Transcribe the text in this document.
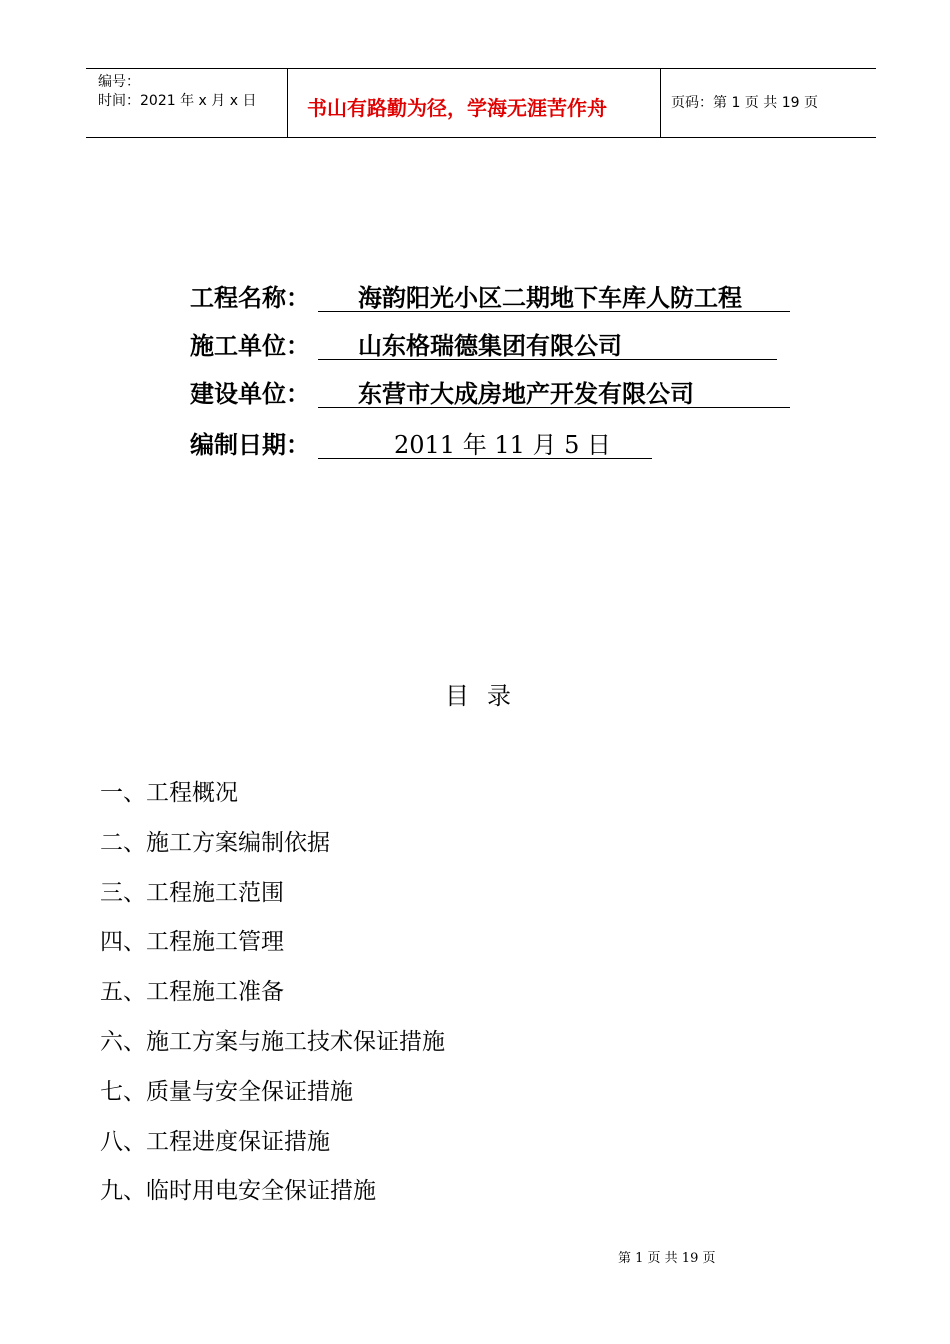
编号：
时间：2021 年 x 月 x 日	书山有路勤为径，学海无涯苦作舟	页码：第 1 页 共 19 页
工程名称：	海韵阳光小区二期地下车库人防工程
施工单位：	山东格瑞德集团有限公司
建设单位：	东营市大成房地产开发有限公司
编制日期：	2011 年 11 月 5 日
目录
一、工程概况
二、施工方案编制依据
三、工程施工范围
四、工程施工管理
五、工程施工准备
六、施工方案与施工技术保证措施
七、质量与安全保证措施
八、工程进度保证措施
九、临时用电安全保证措施
第 1 页 共 19 页
